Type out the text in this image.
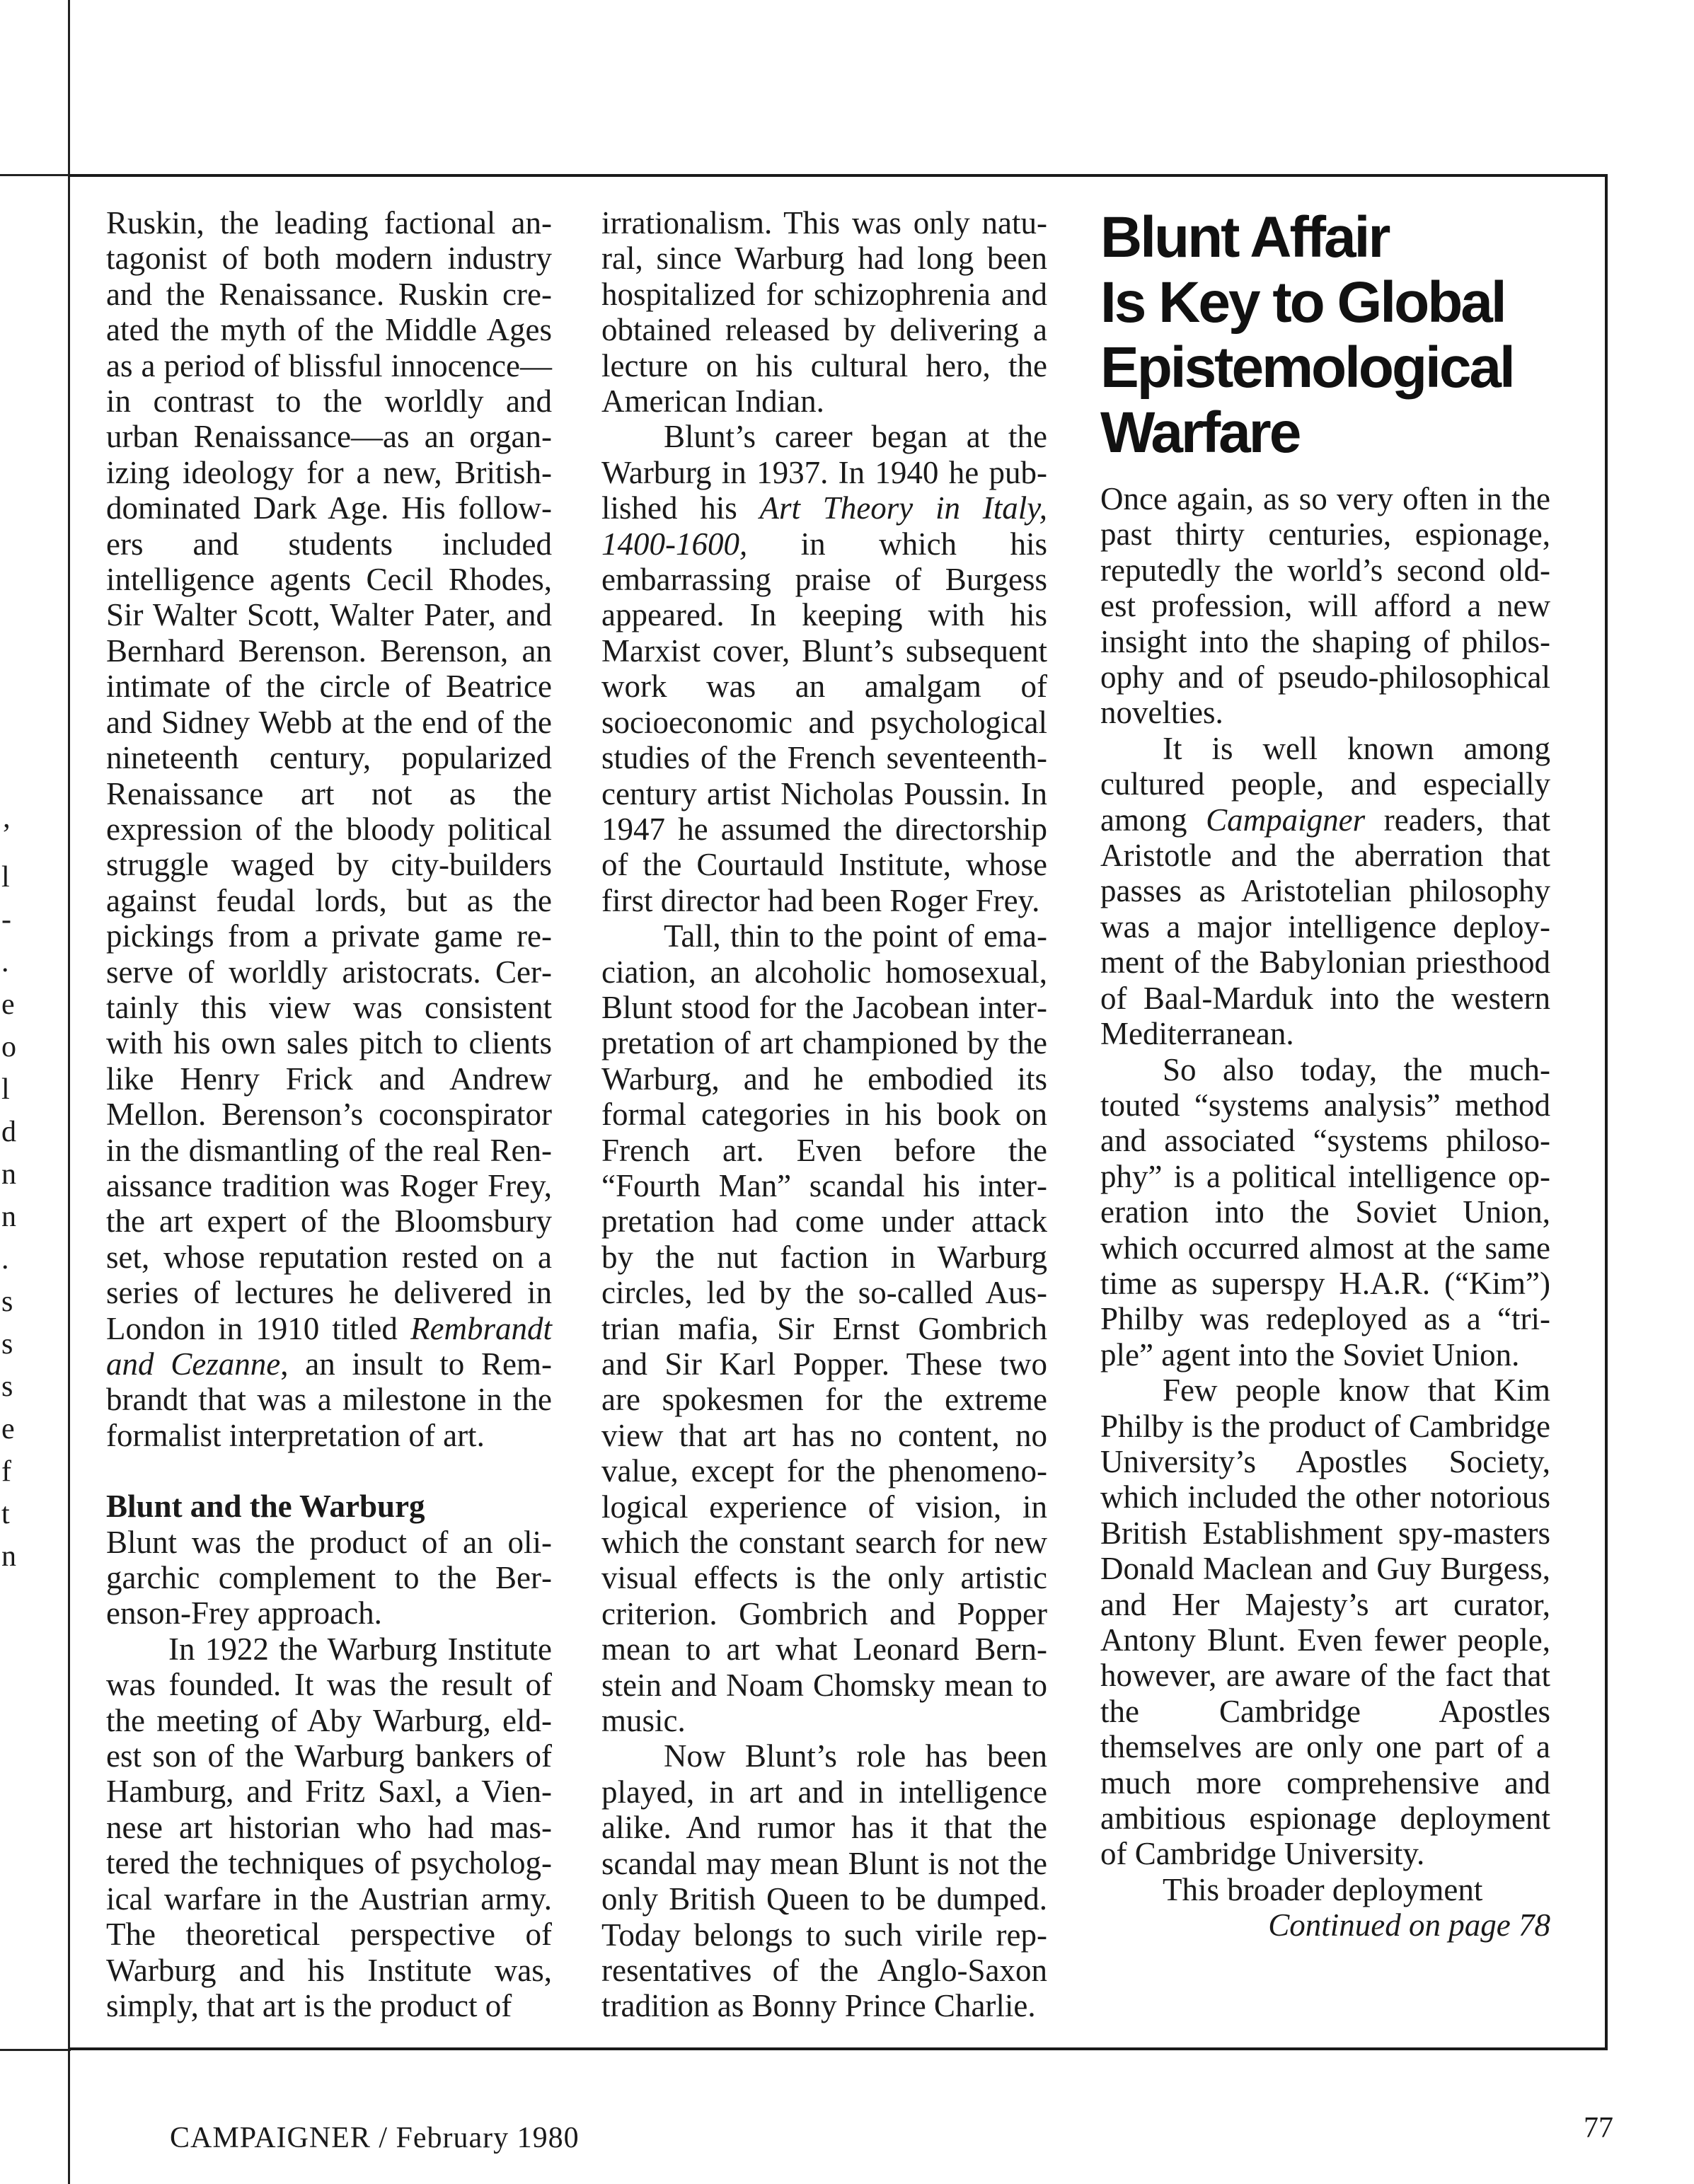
’
l
-
.
e
o
l
d
n
n
.
s
s
s
e
f
t
n

Ruskin, the leading factional antagonist of both modern industry and the Renaissance. Ruskin created the myth of the Middle Ages as a period of blissful innocence—in contrast to the worldly and urban Renaissance—as an organizing ideology for a new, British-dominated Dark Age. His followers and students included intelligence agents Cecil Rhodes, Sir Walter Scott, Walter Pater, and Bernhard Berenson. Berenson, an intimate of the circle of Beatrice and Sidney Webb at the end of the nineteenth century, popularized Renaissance art not as the expression of the bloody political struggle waged by city-builders against feudal lords, but as the pickings from a private game reserve of worldly aristocrats. Certainly this view was consistent with his own sales pitch to clients like Henry Frick and Andrew Mellon. Berenson’s coconspirator in the dismantling of the real Renaissance tradition was Roger Frey, the art expert of the Bloomsbury set, whose reputation rested on a series of lectures he delivered in London in 1910 titled Rembrandt and Cezanne, an insult to Rembrandt that was a milestone in the formalist interpretation of art.

Blunt and the Warburg

Blunt was the product of an oligarchic complement to the Berenson-Frey approach.

In 1922 the Warburg Institute was founded. It was the result of the meeting of Aby Warburg, eldest son of the Warburg bankers of Hamburg, and Fritz Saxl, a Viennese art historian who had mastered the techniques of psychological warfare in the Austrian army. The theoretical perspective of Warburg and his Institute was, simply, that art is the product of

irrationalism. This was only natural, since Warburg had long been hospitalized for schizophrenia and obtained released by delivering a lecture on his cultural hero, the American Indian.

Blunt’s career began at the Warburg in 1937. In 1940 he published his Art Theory in Italy, 1400-1600, in which his embarrassing praise of Burgess appeared. In keeping with his Marxist cover, Blunt’s subsequent work was an amalgam of socioeconomic and psychological studies of the French seventeenth-century artist Nicholas Poussin. In 1947 he assumed the directorship of the Courtauld Institute, whose first director had been Roger Frey.

Tall, thin to the point of emaciation, an alcoholic homosexual, Blunt stood for the Jacobean interpretation of art championed by the Warburg, and he embodied its formal categories in his book on French art. Even before the “Fourth Man” scandal his interpretation had come under attack by the nut faction in Warburg circles, led by the so-called Austrian mafia, Sir Ernst Gombrich and Sir Karl Popper. These two are spokesmen for the extreme view that art has no content, no value, except for the phenomenological experience of vision, in which the constant search for new visual effects is the only artistic criterion. Gombrich and Popper mean to art what Leonard Bernstein and Noam Chomsky mean to music.

Now Blunt’s role has been played, in art and in intelligence alike. And rumor has it that the scandal may mean Blunt is not the only British Queen to be dumped. Today belongs to such virile representatives of the Anglo-Saxon tradition as Bonny Prince Charlie.

Blunt Affair
Is Key to Global
Epistemological
Warfare

Once again, as so very often in the past thirty centuries, espionage, reputedly the world’s second oldest profession, will afford a new insight into the shaping of philosophy and of pseudo-philosophical novelties.

It is well known among cultured people, and especially among Campaigner readers, that Aristotle and the aberration that passes as Aristotelian philosophy was a major intelligence deployment of the Babylonian priesthood of Baal-Marduk into the western Mediterranean.

So also today, the much-touted “systems analysis” method and associated “systems philosophy” is a political intelligence operation into the Soviet Union, which occurred almost at the same time as superspy H.A.R. (“Kim”) Philby was redeployed as a “triple” agent into the Soviet Union.

Few people know that Kim Philby is the product of Cambridge University’s Apostles Society, which included the other notorious British Establishment spy-masters Donald Maclean and Guy Burgess, and Her Majesty’s art curator, Antony Blunt. Even fewer people, however, are aware of the fact that the Cambridge Apostles themselves are only one part of a much more comprehensive and ambitious espionage deployment of Cambridge University.

This broader deployment

Continued on page 78

CAMPAIGNER / February 1980	77
